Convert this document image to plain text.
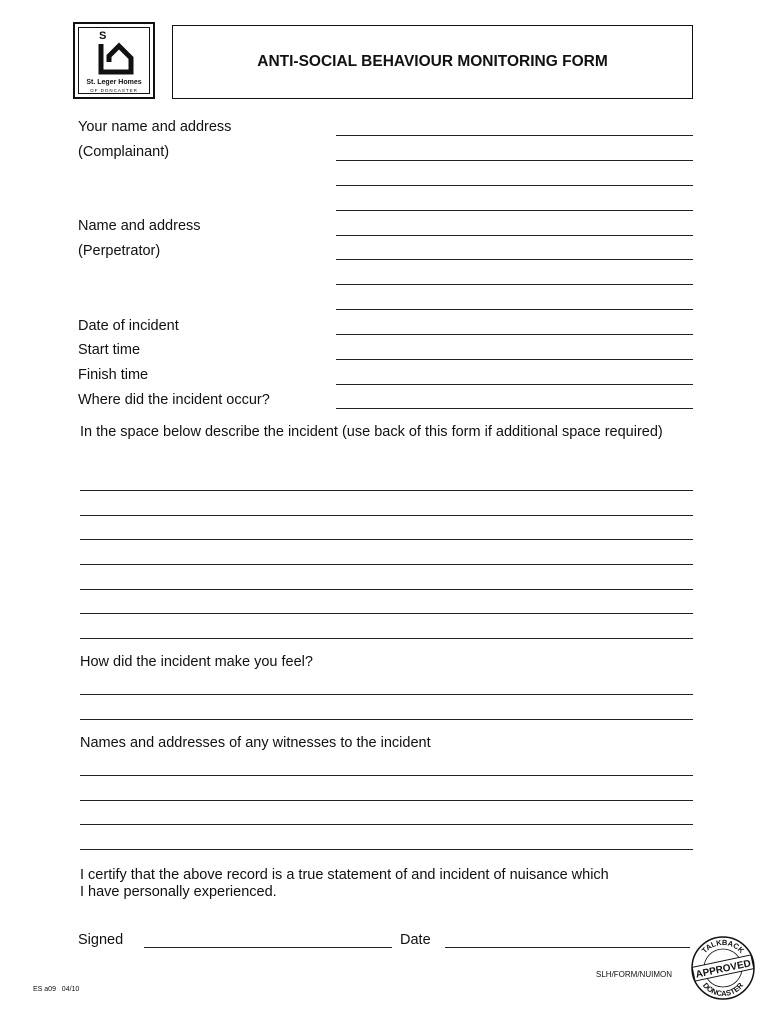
S
St. Leger Homes
OF DONCASTER
ANTI-SOCIAL BEHAVIOUR MONITORING FORM
Your name and address
(Complainant)
Name and address
(Perpetrator)
Date of incident
Start time
Finish time
Where did the incident occur?
In the space below describe the incident (use back of this form if additional space required)
How did the incident make you feel?
Names and addresses of any witnesses to the incident
I certify that the above record is a true statement of and incident of nuisance which I have personally experienced.
Signed	Date
SLH/FORM/NUIMON
ES a09   04/10
TALKBACK
DONCASTER
APPROVED
